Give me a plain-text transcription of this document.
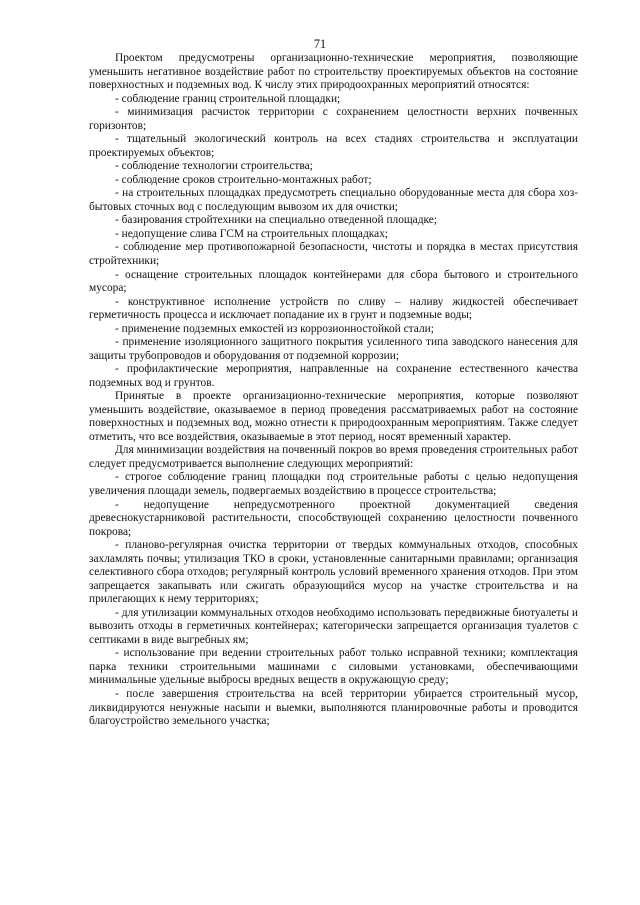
71

Проектом предусмотрены организационно-технические мероприятия, позволяющие уменьшить негативное воздействие работ по строительству проектируемых объектов на состояние поверхностных и подземных вод. К числу этих природоохранных мероприятий относятся:

- соблюдение границ строительной площадки;

- минимизация расчисток территории с сохранением целостности верхних почвенных горизонтов;

- тщательный экологический контроль на всех стадиях строительства и эксплуатации проектируемых объектов;

- соблюдение технологии строительства;

- соблюдение сроков строительно-монтажных работ;

- на строительных площадках предусмотреть специально оборудованные места для сбора хоз-бытовых сточных вод с последующим вывозом их для очистки;

- базирования стройтехники на специально отведенной площадке;

- недопущение слива ГСМ на строительных площадках;

- соблюдение мер противопожарной безопасности, чистоты и порядка в местах присутствия стройтехники;

- оснащение строительных площадок контейнерами для сбора бытового и строительного мусора;

- конструктивное исполнение устройств по сливу – наливу жидкостей обеспечивает герметичность процесса и исключает попадание их в грунт и подземные воды;

- применение подземных емкостей из коррозионностойкой стали;

- применение изоляционного защитного покрытия усиленного типа заводского нанесения для защиты трубопроводов и оборудования от подземной коррозии;

- профилактические мероприятия, направленные на сохранение естественного качества подземных вод и грунтов.

Принятые в проекте организационно-технические мероприятия, которые позволяют уменьшить воздействие, оказываемое в период проведения рассматриваемых работ на состояние поверхностных и подземных вод, можно отнести к природоохранным мероприятиям. Также следует отметить, что все воздействия, оказываемые в этот период, носят временный характер.

Для минимизации воздействия на почвенный покров во время проведения строительных работ следует предусмотривается выполнение следующих мероприятий:

- строгое соблюдение границ площадки под строительные работы с целью недопущения увеличения площади земель, подвергаемых воздействию в процессе строительства;

- недопущение непредусмотренного проектной документацией сведения древеснокустарниковой растительности, способствующей сохранению целостности почвенного покрова;

- планово-регулярная очистка территории от твердых коммунальных отходов, способных захламлять почвы; утилизация ТКО в сроки, установленные санитарными правилами; организация селективного сбора отходов; регулярный контроль условий временного хранения отходов. При этом запрещается закапывать или сжигать образующийся мусор на участке строительства и на прилегающих к нему территориях;

- для утилизации коммунальных отходов необходимо использовать передвижные биотуалеты и вывозить отходы в герметичных контейнерах; категорически запрещается организация туалетов с септиками в виде выгребных ям;

- использование при ведении строительных работ только исправной техники; комплектация парка техники строительными машинами с силовыми установками, обеспечивающими минимальные удельные выбросы вредных веществ в окружающую среду;

- после завершения строительства на всей территории убирается строительный мусор, ликвидируются ненужные насыпи и выемки, выполняются планировочные работы и проводится благоустройство земельного участка;
